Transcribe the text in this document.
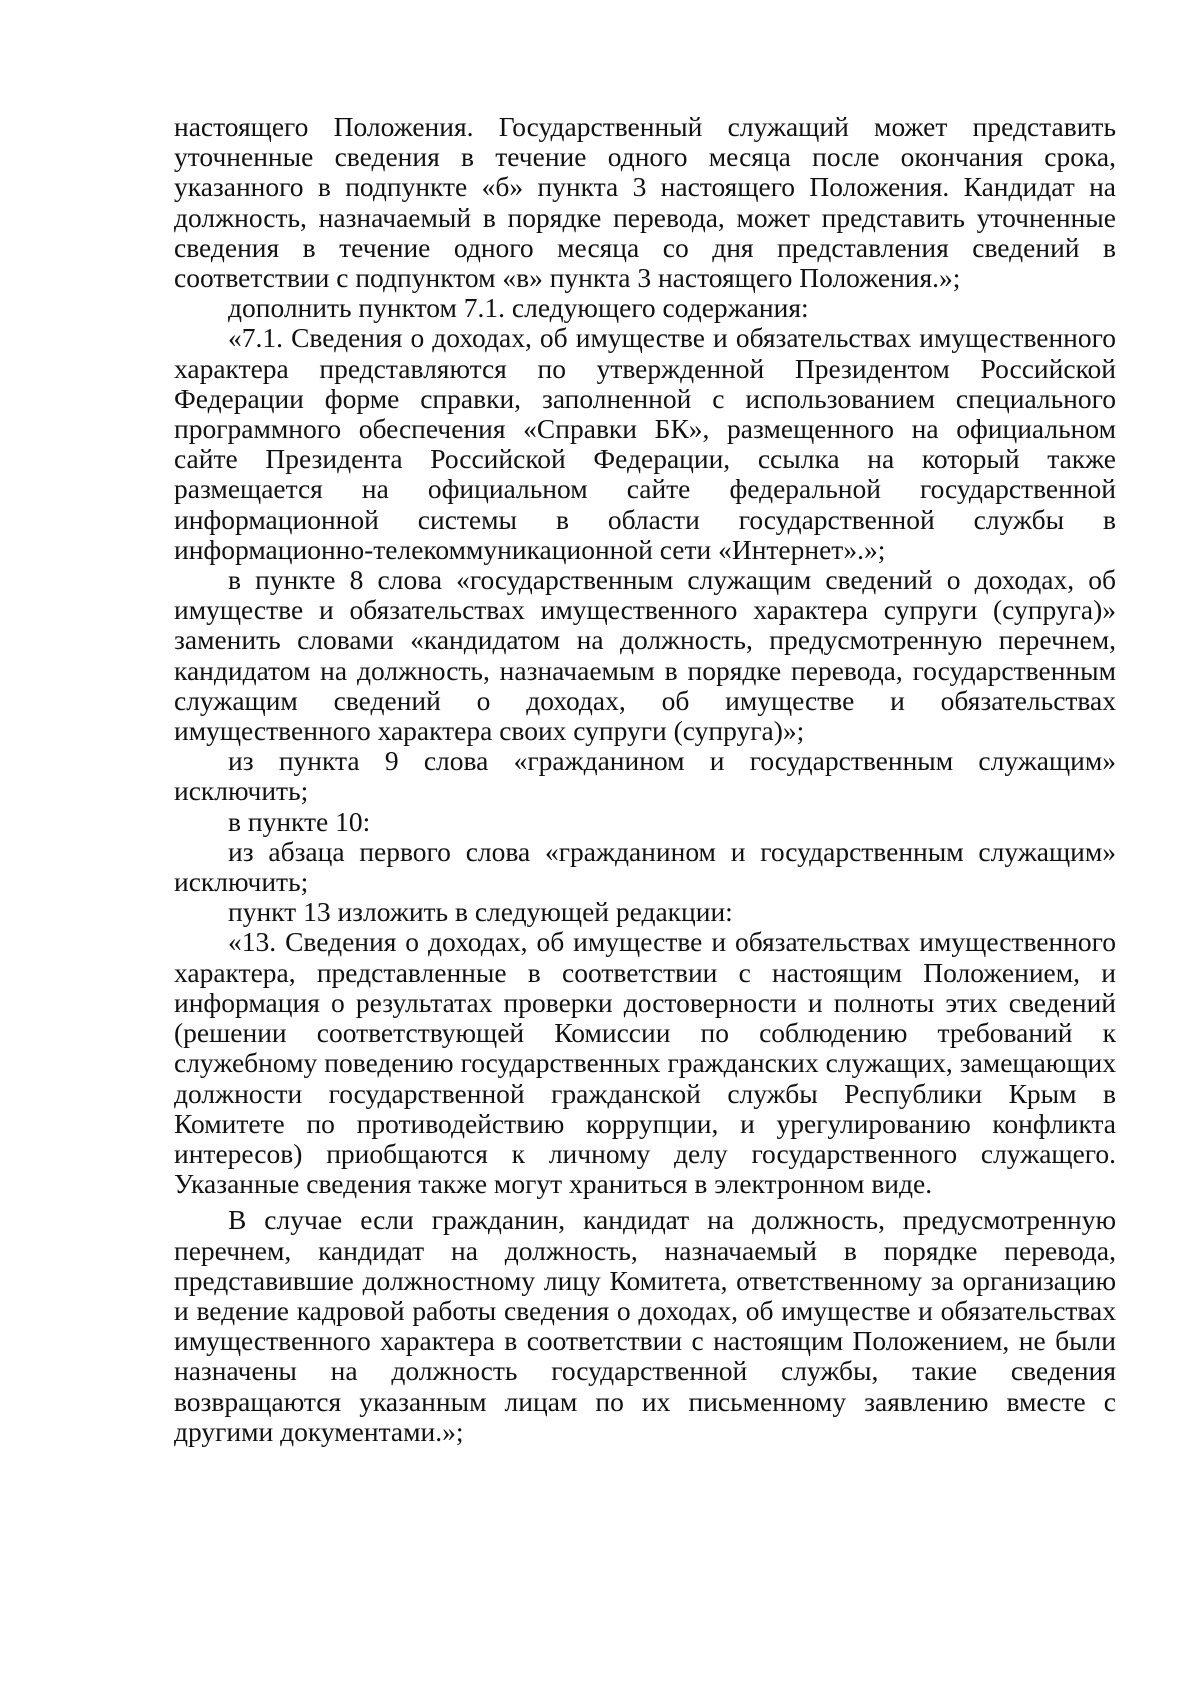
настоящего Положения. Государственный служащий может представить уточненные сведения в течение одного месяца после окончания срока, указанного в подпункте «б» пункта 3 настоящего Положения. Кандидат на должность, назначаемый в порядке перевода, может представить уточненные сведения в течение одного месяца со дня представления сведений в соответствии с подпунктом «в» пункта 3 настоящего Положения.»;

дополнить пунктом 7.1. следующего содержания:

«7.1. Сведения о доходах, об имуществе и обязательствах имущественного характера представляются по утвержденной Президентом Российской Федерации форме справки, заполненной с использованием специального программного обеспечения «Справки БК», размещенного на официальном сайте Президента Российской Федерации, ссылка на который также размещается на официальном сайте федеральной государственной информационной системы в области государственной службы в информационно-телекоммуникационной сети «Интернет».»;

в пункте 8 слова «государственным служащим сведений о доходах, об имуществе и обязательствах имущественного характера супруги (супруга)» заменить словами «кандидатом на должность, предусмотренную перечнем, кандидатом на должность, назначаемым в порядке перевода, государственным служащим сведений о доходах, об имуществе и обязательствах имущественного характера своих супруги (супруга)»;

из пункта 9 слова «гражданином и государственным служащим» исключить;

в пункте 10:

из абзаца первого слова «гражданином и государственным служащим» исключить;

пункт 13 изложить в следующей редакции:

«13. Сведения о доходах, об имуществе и обязательствах имущественного характера, представленные в соответствии с настоящим Положением, и информация о результатах проверки достоверности и полноты этих сведений (решении соответствующей Комиссии по соблюдению требований к служебному поведению государственных гражданских служащих, замещающих должности государственной гражданской службы Республики Крым в Комитете по противодействию коррупции, и урегулированию конфликта интересов) приобщаются к личному делу государственного служащего. Указанные сведения также могут храниться в электронном виде.

В случае если гражданин, кандидат на должность, предусмотренную перечнем, кандидат на должность, назначаемый в порядке перевода, представившие должностному лицу Комитета, ответственному за организацию и ведение кадровой работы сведения о доходах, об имуществе и обязательствах имущественного характера в соответствии с настоящим Положением, не были назначены на должность государственной службы, такие сведения возвращаются указанным лицам по их письменному заявлению вместе с другими документами.»;
